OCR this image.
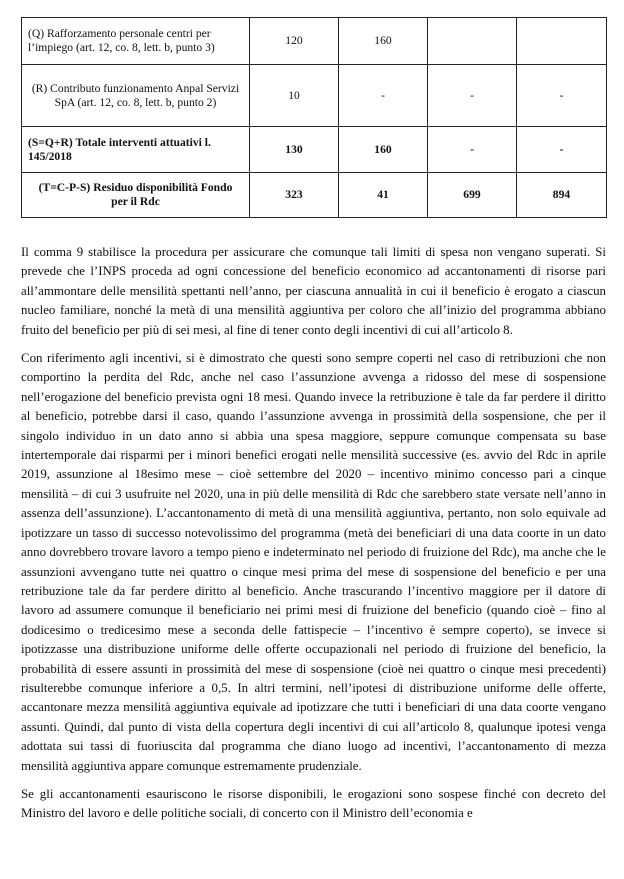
(Q) Rafforzamento personale centri per l’impiego (art. 12, co. 8, lett. b, punto 3)	120	160		
(R) Contributo funzionamento Anpal Servizi SpA (art. 12, co. 8, lett. b, punto 2)	10	-	-	-
(S=Q+R) Totale interventi attuativi l. 145/2018	130	160	-	-
(T=C-P-S) Residuo disponibilità Fondo per il Rdc	323	41	699	894

Il comma 9 stabilisce la procedura per assicurare che comunque tali limiti di spesa non vengano superati. Si prevede che l’INPS proceda ad ogni concessione del beneficio economico ad accantonamenti di risorse pari all’ammontare delle mensilità spettanti nell’anno, per ciascuna annualità in cui il beneficio è erogato a ciascun nucleo familiare, nonché la metà di una mensilità aggiuntiva per coloro che all’inizio del programma abbiano fruito del beneficio per più di sei mesi, al fine di tener conto degli incentivi di cui all’articolo 8.

Con riferimento agli incentivi, si è dimostrato che questi sono sempre coperti nel caso di retribuzioni che non comportino la perdita del Rdc, anche nel caso l’assunzione avvenga a ridosso del mese di sospensione nell’erogazione del beneficio prevista ogni 18 mesi. Quando invece la retribuzione è tale da far perdere il diritto al beneficio, potrebbe darsi il caso, quando l’assunzione avvenga in prossimità della sospensione, che per il singolo individuo in un dato anno si abbia una spesa maggiore, seppure comunque compensata su base intertemporale dai risparmi per i minori benefici erogati nelle mensilità successive (es. avvio del Rdc in aprile 2019, assunzione al 18esimo mese – cioè settembre del 2020 – incentivo minimo concesso pari a cinque mensilità – di cui 3 usufruite nel 2020, una in più delle mensilità di Rdc che sarebbero state versate nell’anno in assenza dell’assunzione). L’accantonamento di metà di una mensilità aggiuntiva, pertanto, non solo equivale ad ipotizzare un tasso di successo notevolissimo del programma (metà dei beneficiari di una data coorte in un dato anno dovrebbero trovare lavoro a tempo pieno e indeterminato nel periodo di fruizione del Rdc), ma anche che le assunzioni avvengano tutte nei quattro o cinque mesi prima del mese di sospensione del beneficio e per una retribuzione tale da far perdere diritto al beneficio. Anche trascurando l’incentivo maggiore per il datore di lavoro ad assumere comunque il beneficiario nei primi mesi di fruizione del beneficio (quando cioè – fino al dodicesimo o tredicesimo mese a seconda delle fattispecie – l’incentivo è sempre coperto), se invece si ipotizzasse una distribuzione uniforme delle offerte occupazionali nel periodo di fruizione del beneficio, la probabilità di essere assunti in prossimità del mese di sospensione (cioè nei quattro o cinque mesi precedenti) risulterebbe comunque inferiore a 0,5. In altri termini, nell’ipotesi di distribuzione uniforme delle offerte, accantonare mezza mensilità aggiuntiva equivale ad ipotizzare che tutti i beneficiari di una data coorte vengano assunti. Quindi, dal punto di vista della copertura degli incentivi di cui all’articolo 8, qualunque ipotesi venga adottata sui tassi di fuoriuscita dal programma che diano luogo ad incentivi, l’accantonamento di mezza mensilità aggiuntiva appare comunque estremamente prudenziale.

Se gli accantonamenti esauriscono le risorse disponibili, le erogazioni sono sospese finché con decreto del Ministro del lavoro e delle politiche sociali, di concerto con il Ministro dell’economia e
